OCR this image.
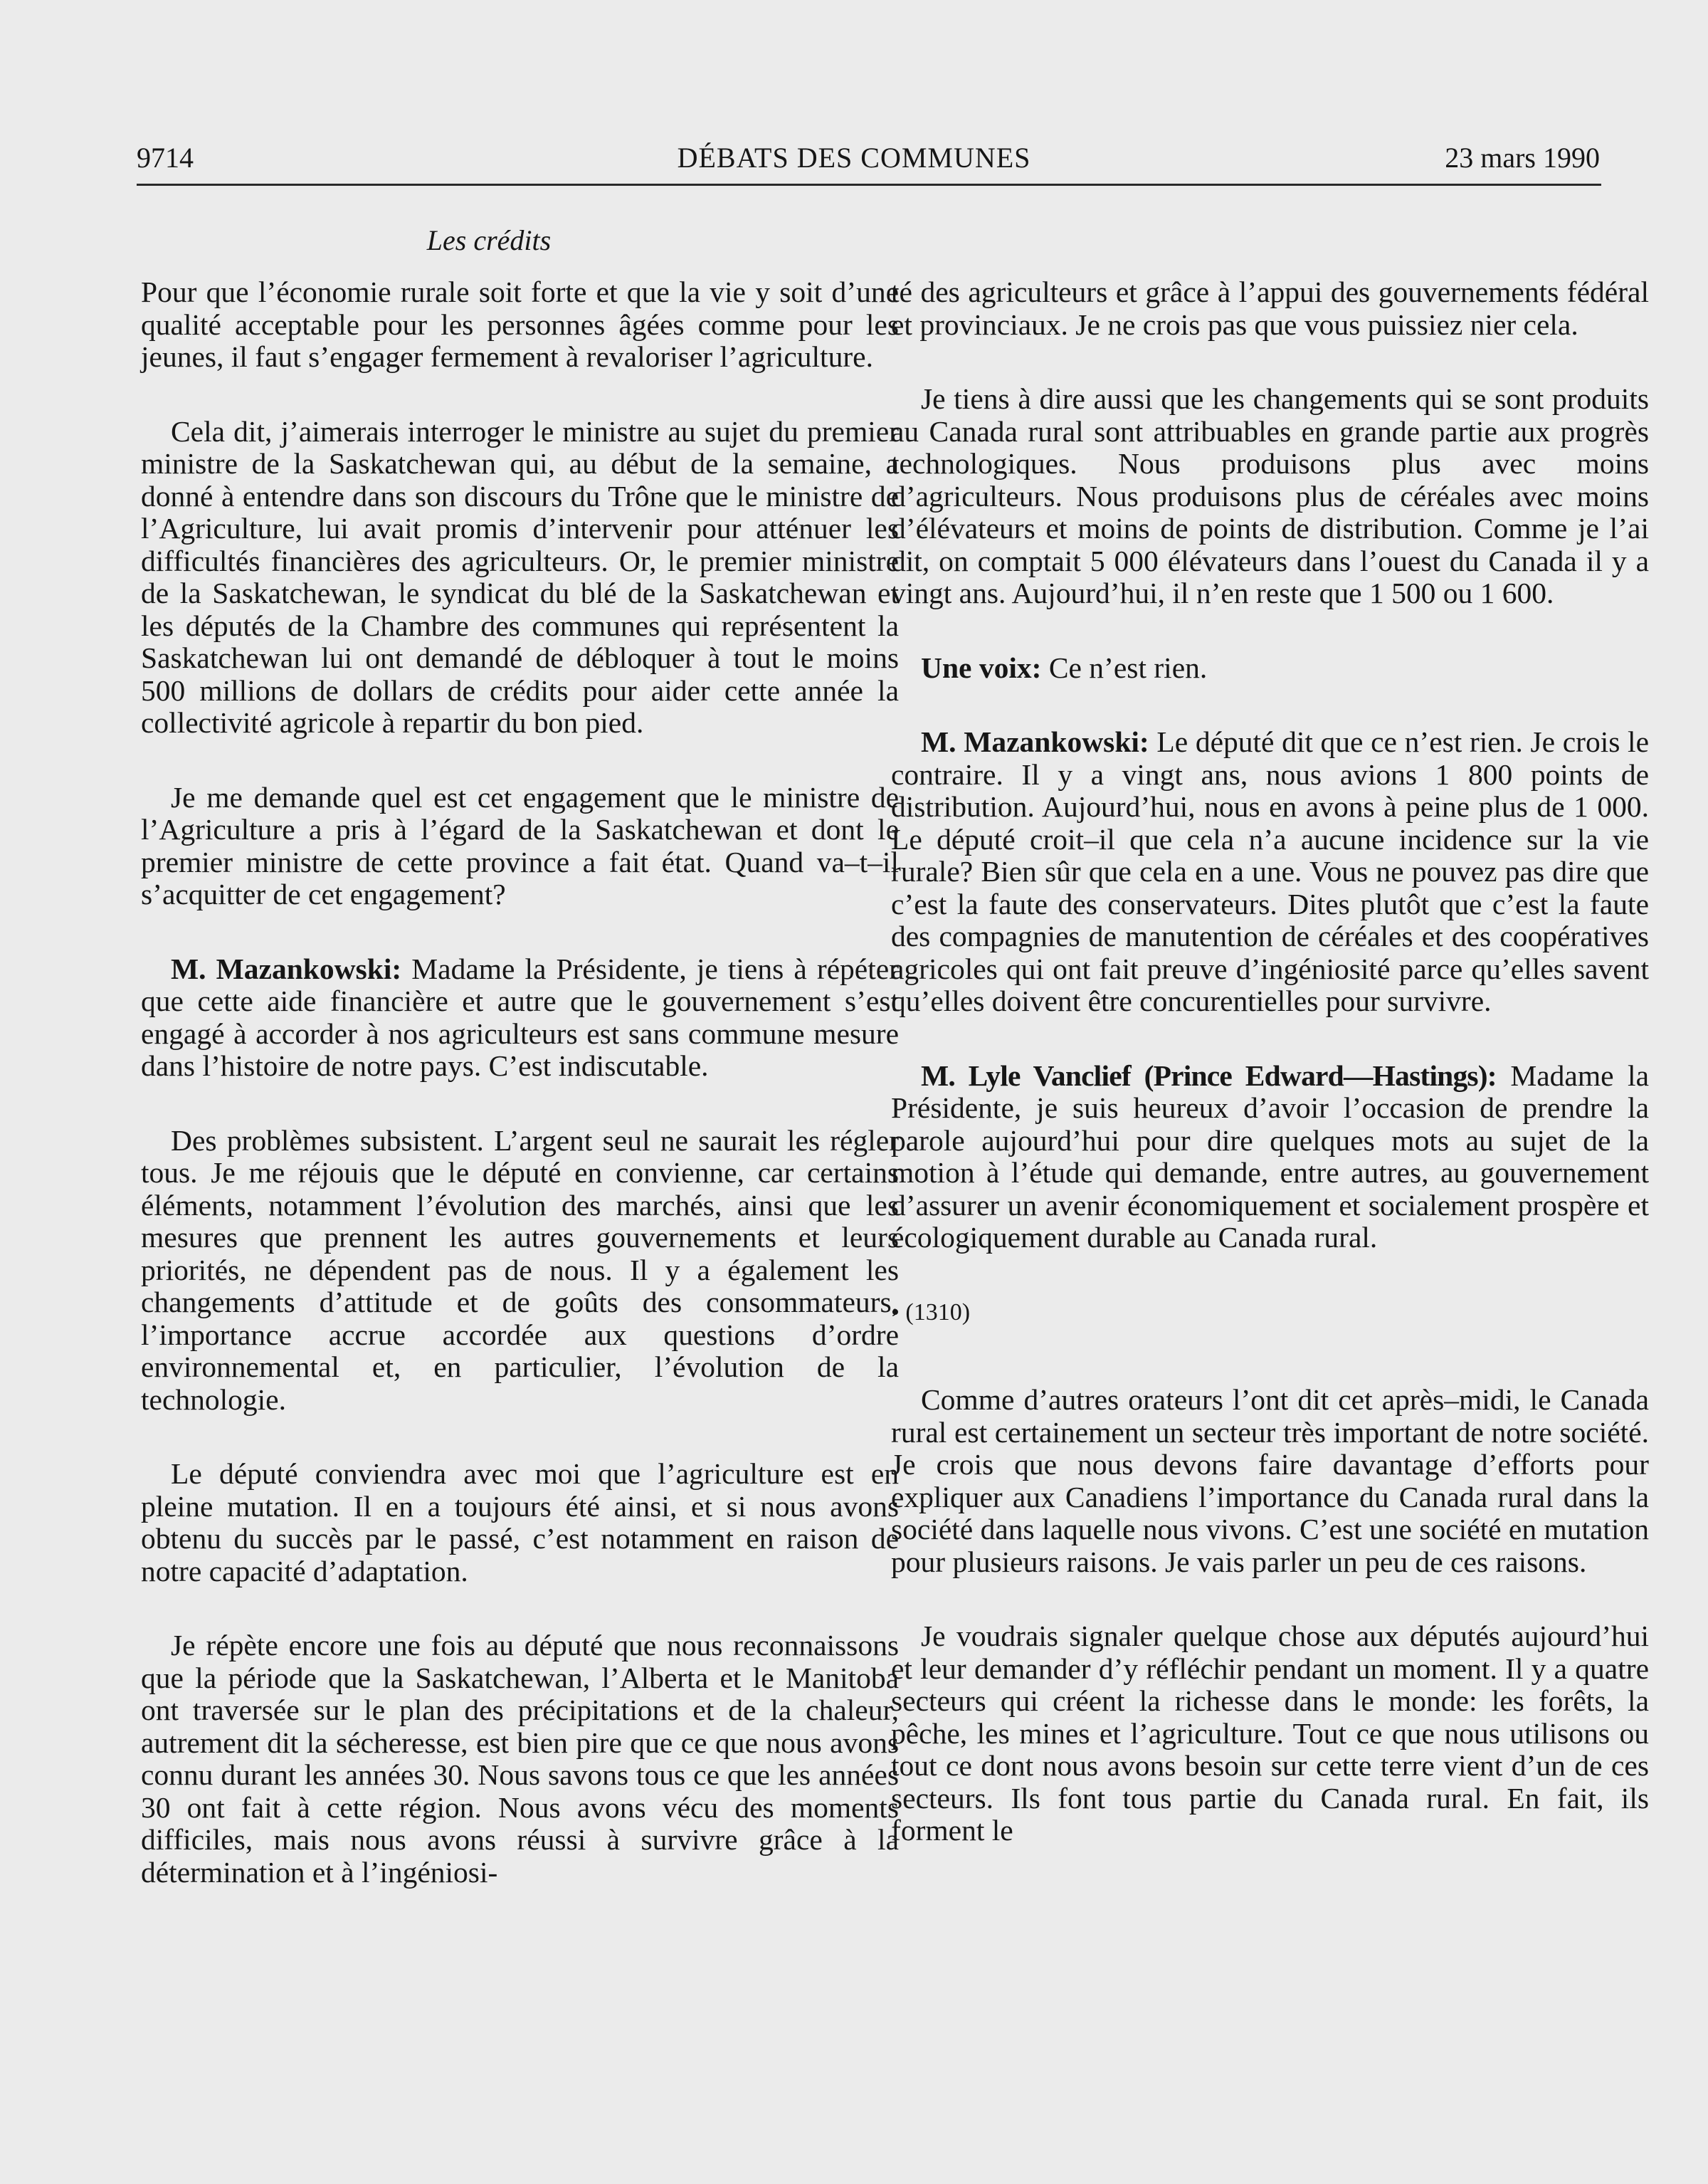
9714	DÉBATS DES COMMUNES	23 mars 1990
Les crédits

Pour que l’économie rurale soit forte et que la vie y soit d’une qualité acceptable pour les personnes âgées comme pour les jeunes, il faut s’engager fermement à revaloriser l’agriculture.

Cela dit, j’aimerais interroger le ministre au sujet du premier ministre de la Saskatchewan qui, au début de la semaine, a donné à entendre dans son discours du Trône que le ministre de l’Agriculture, lui avait promis d’intervenir pour atténuer les difficultés financières des agriculteurs. Or, le premier ministre de la Saskatchewan, le syndicat du blé de la Saskatchewan et les députés de la Chambre des communes qui représentent la Saskatchewan lui ont demandé de débloquer à tout le moins 500 millions de dollars de crédits pour aider cette année la collectivité agricole à repartir du bon pied.

Je me demande quel est cet engagement que le ministre de l’Agriculture a pris à l’égard de la Saskatchewan et dont le premier ministre de cette province a fait état. Quand va–t–il s’acquitter de cet engagement?

M. Mazankowski: Madame la Présidente, je tiens à répéter que cette aide financière et autre que le gouvernement s’est engagé à accorder à nos agriculteurs est sans commune mesure dans l’histoire de notre pays. C’est indiscutable.

Des problèmes subsistent. L’argent seul ne saurait les régler tous. Je me réjouis que le député en convienne, car certains éléments, notamment l’évolution des marchés, ainsi que les mesures que prennent les autres gouvernements et leurs priorités, ne dépendent pas de nous. Il y a également les changements d’attitude et de goûts des consommateurs, l’importance accrue accordée aux questions d’ordre environnemental et, en particulier, l’évolution de la technologie.

Le député conviendra avec moi que l’agriculture est en pleine mutation. Il en a toujours été ainsi, et si nous avons obtenu du succès par le passé, c’est notamment en raison de notre capacité d’adaptation.

Je répète encore une fois au député que nous reconnaissons que la période que la Saskatchewan, l’Alberta et le Manitoba ont traversée sur le plan des précipitations et de la chaleur, autrement dit la sécheresse, est bien pire que ce que nous avons connu durant les années 30. Nous savons tous ce que les années 30 ont fait à cette région. Nous avons vécu des moments difficiles, mais nous avons réussi à survivre grâce à la détermination et à l’ingéniosi-

té des agriculteurs et grâce à l’appui des gouvernements fédéral et provinciaux. Je ne crois pas que vous puissiez nier cela.

Je tiens à dire aussi que les changements qui se sont produits au Canada rural sont attribuables en grande partie aux progrès technologiques. Nous produisons plus avec moins d’agriculteurs. Nous produisons plus de céréales avec moins d’élévateurs et moins de points de distribution. Comme je l’ai dit, on comptait 5 000 élévateurs dans l’ouest du Canada il y a vingt ans. Aujourd’hui, il n’en reste que 1 500 ou 1 600.

Une voix: Ce n’est rien.

M. Mazankowski: Le député dit que ce n’est rien. Je crois le contraire. Il y a vingt ans, nous avions 1 800 points de distribution. Aujourd’hui, nous en avons à peine plus de 1 000. Le député croit–il que cela n’a aucune incidence sur la vie rurale? Bien sûr que cela en a une. Vous ne pouvez pas dire que c’est la faute des conservateurs. Dites plutôt que c’est la faute des compagnies de manutention de céréales et des coopératives agricoles qui ont fait preuve d’ingéniosité parce qu’elles savent qu’elles doivent être concurentielles pour survivre.

M. Lyle Vanclief (Prince Edward—Hastings): Madame la Présidente, je suis heureux d’avoir l’occasion de prendre la parole aujourd’hui pour dire quelques mots au sujet de la motion à l’étude qui demande, entre autres, au gouvernement d’assurer un avenir économiquement et socialement prospère et écologiquement durable au Canada rural.

• (1310)

Comme d’autres orateurs l’ont dit cet après–midi, le Canada rural est certainement un secteur très important de notre société. Je crois que nous devons faire davantage d’efforts pour expliquer aux Canadiens l’importance du Canada rural dans la société dans laquelle nous vivons. C’est une société en mutation pour plusieurs raisons. Je vais parler un peu de ces raisons.

Je voudrais signaler quelque chose aux députés aujourd’hui et leur demander d’y réfléchir pendant un moment. Il y a quatre secteurs qui créent la richesse dans le monde: les forêts, la pêche, les mines et l’agriculture. Tout ce que nous utilisons ou tout ce dont nous avons besoin sur cette terre vient d’un de ces secteurs. Ils font tous partie du Canada rural. En fait, ils forment le
